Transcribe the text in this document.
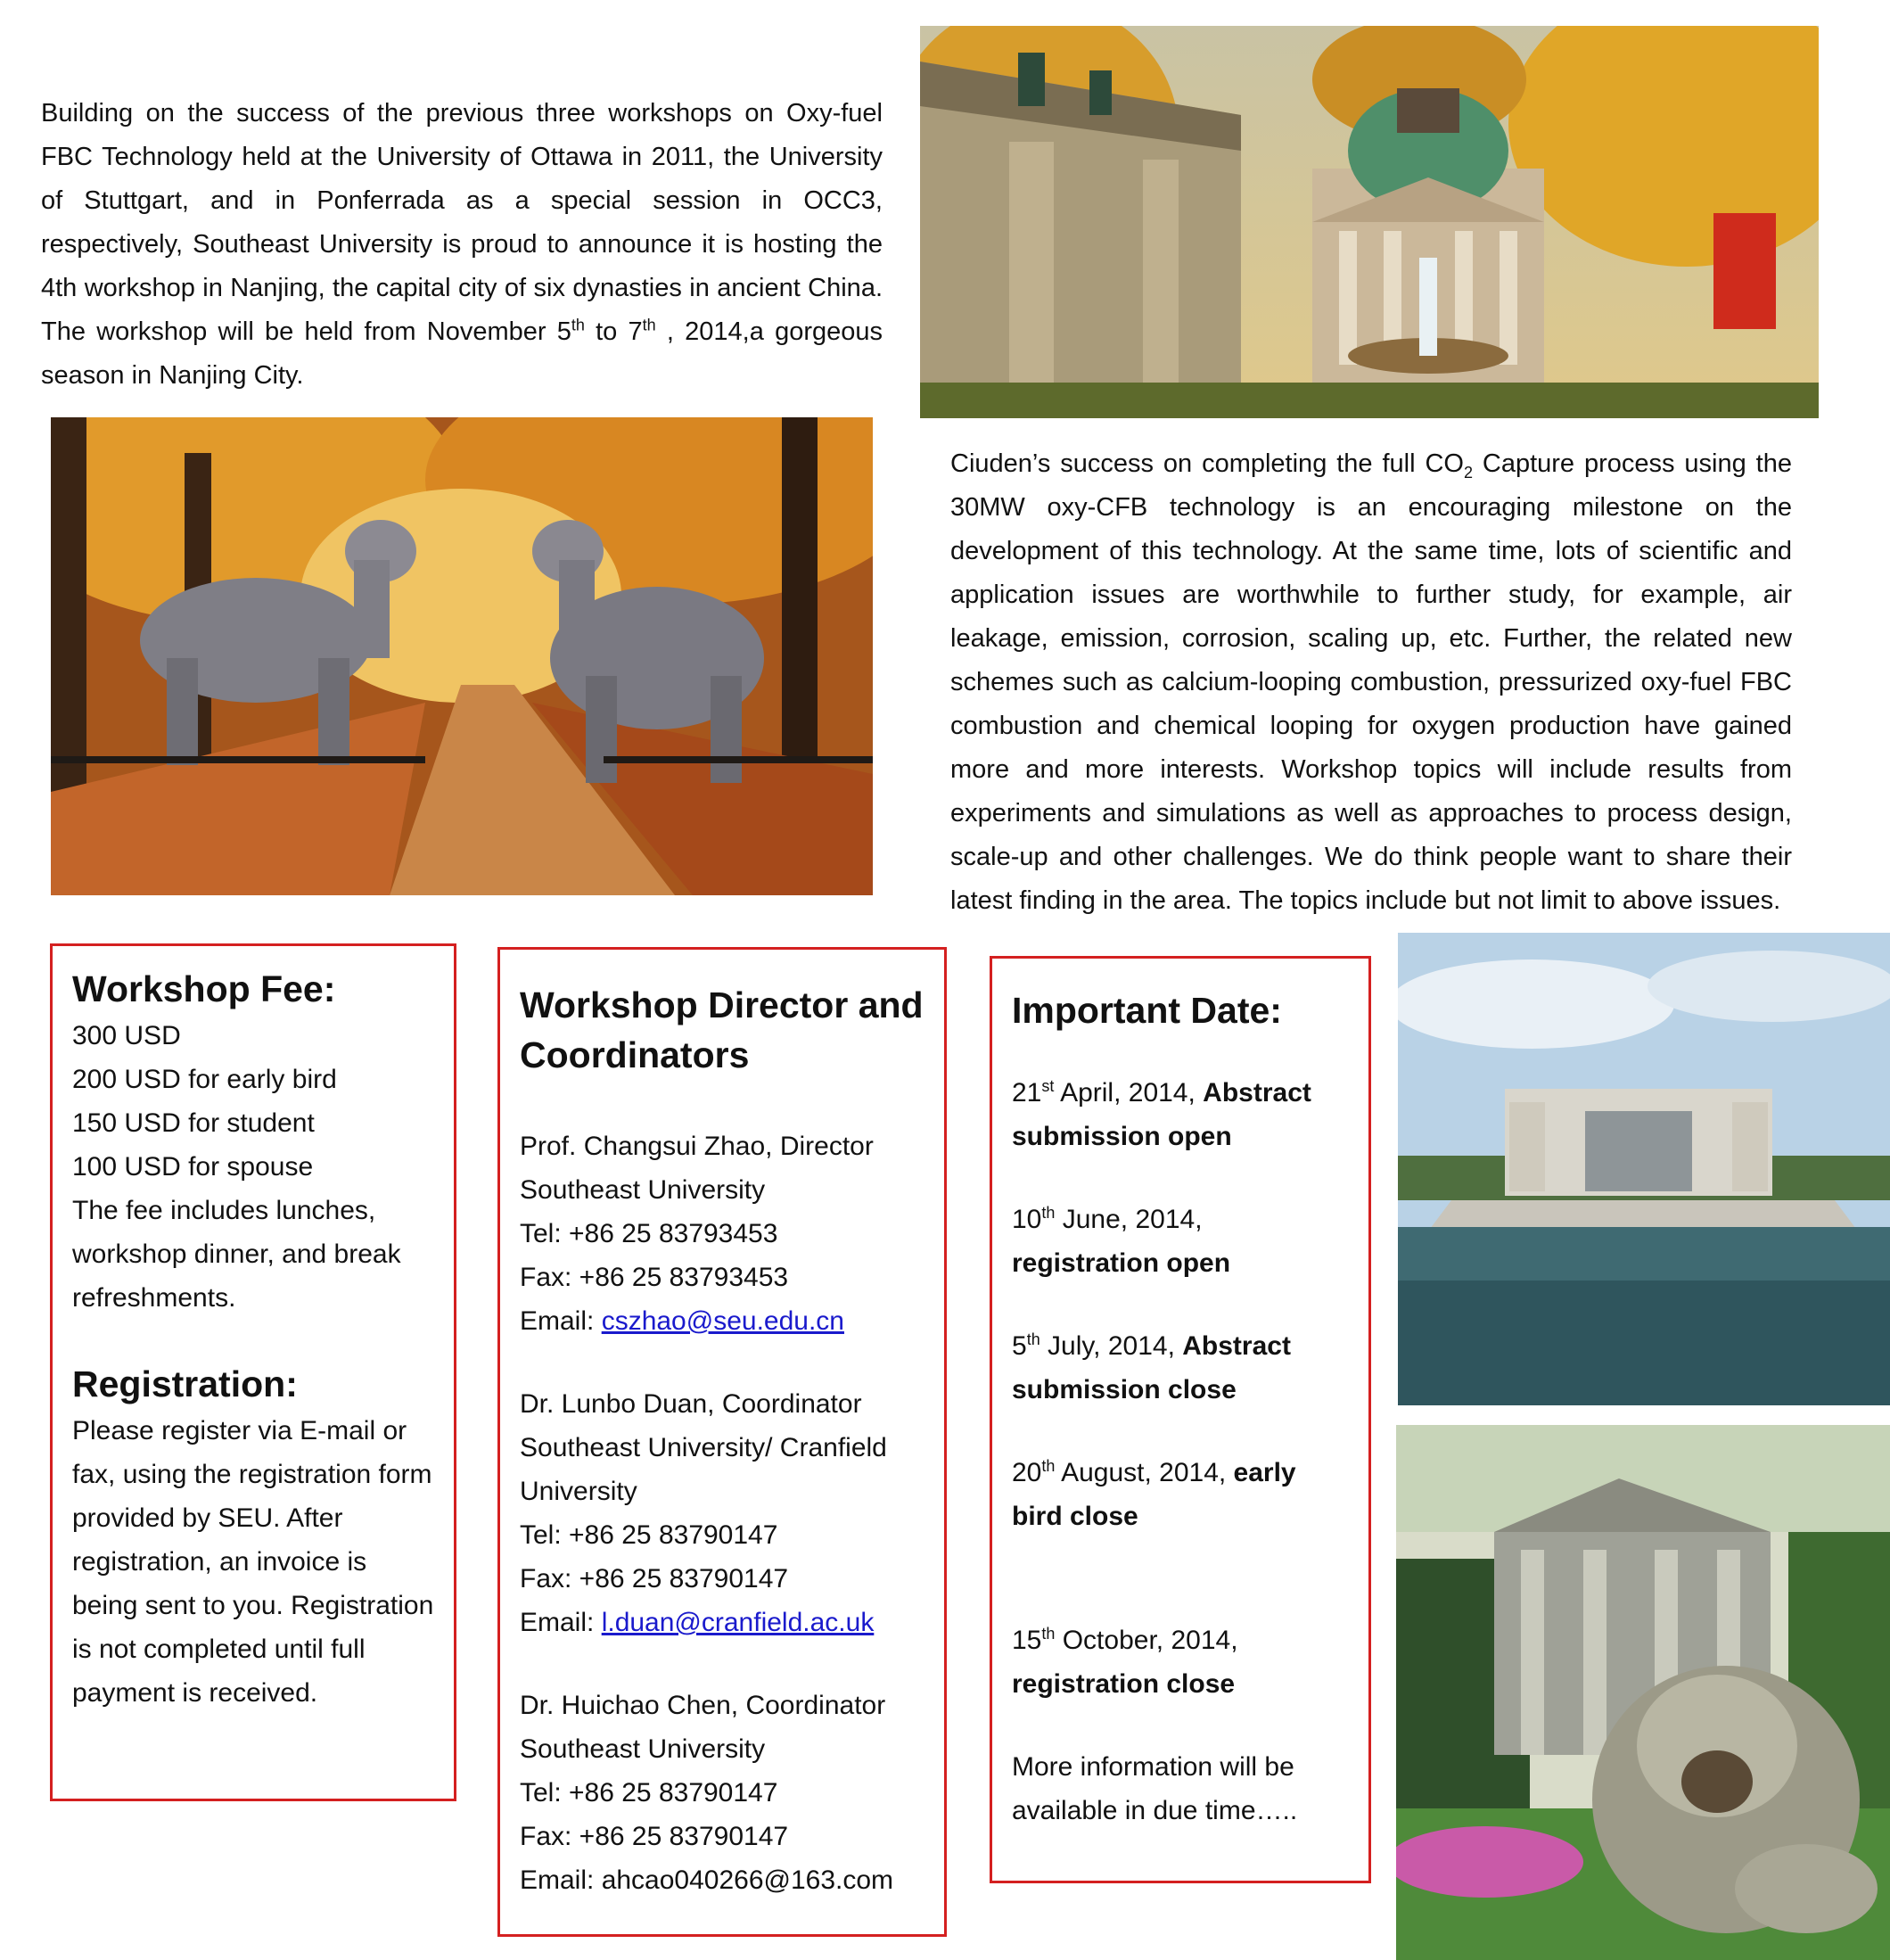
Building on the success of the previous three workshops on Oxy-fuel FBC Technology held at the University of Ottawa in 2011, the University of Stuttgart, and in Ponferrada as a special session in OCC3, respectively, Southeast University is proud to announce it is hosting the 4th workshop in Nanjing, the capital city of six dynasties in ancient China. The workshop will be held from November 5th to 7th , 2014,a gorgeous season in Nanjing City.
Ciuden’s success on completing the full $CO_2$ Capture process using the 30MW oxy-CFB technology is an encouraging milestone on the development of this technology. At the same time, lots of scientific and application issues are worthwhile to further study, for example, air leakage, emission, corrosion, scaling up, etc. Further, the related new schemes such as calcium-looping combustion, pressurized oxy-fuel FBC combustion and chemical looping for oxygen production have gained more and more interests. Workshop topics will include results from experiments and simulations as well as approaches to process design, scale-up and other challenges. We do think people want to share their latest finding in the area. The topics include but not limit to above issues.
Workshop Fee:
300 USD
200 USD for early bird
150 USD for student
100 USD for spouse
The fee includes lunches, workshop dinner, and break refreshments.
Registration:
Please register via E-mail or fax, using the registration form provided by SEU. After registration, an invoice is being sent to you. Registration is not completed until full payment is received.
Workshop Director and Coordinators
Prof. Changsui Zhao, Director
Southeast University
Tel: +86 25 83793453
Fax: +86 25 83793453
Email: cszhao@seu.edu.cn
Dr. Lunbo Duan, Coordinator
Southeast University/ Cranfield University
Tel: +86 25 83790147
Fax: +86 25 83790147
Email: l.duan@cranfield.ac.uk
Dr. Huichao Chen, Coordinator
Southeast University
Tel: +86 25 83790147
Fax: +86 25 83790147
Email: ahcao040266@163.com
Important Date:
21st April, 2014, Abstract submission open
10th June, 2014, registration open
5th July, 2014, Abstract submission close
20th August, 2014, early bird close
15th October, 2014, registration close
More information will be available in due time…..
